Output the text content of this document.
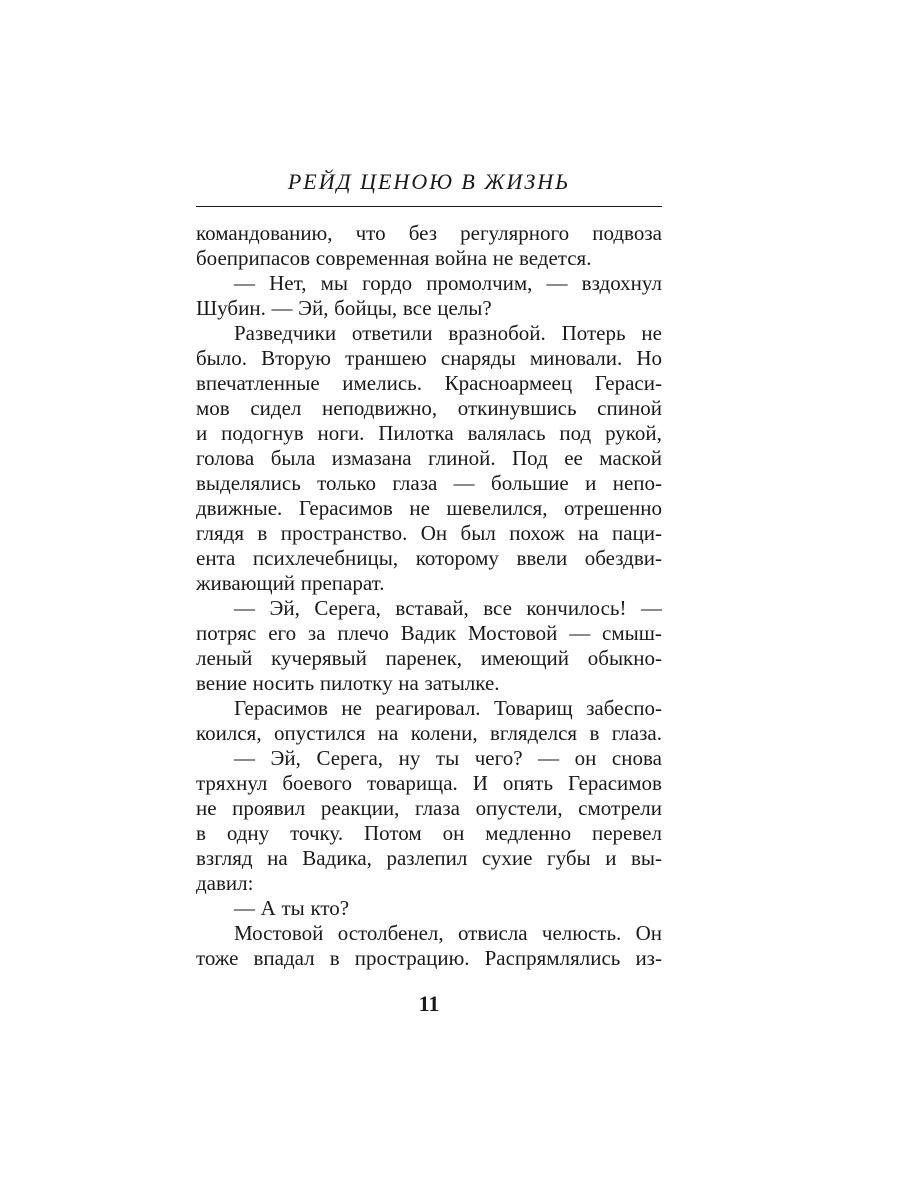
РЕЙД ЦЕНОЮ В ЖИЗНЬ
командованию, что без регулярного подвоза
боеприпасов современная война не ведется.
— Нет, мы гордо промолчим, — вздохнул
Шубин. — Эй, бойцы, все целы?
Разведчики ответили вразнобой. Потерь не
было. Вторую траншею снаряды миновали. Но
впечатленные имелись. Красноармеец Гераси-
мов сидел неподвижно, откинувшись спиной
и подогнув ноги. Пилотка валялась под рукой,
голова была измазана глиной. Под ее маской
выделялись только глаза — большие и непо-
движные. Герасимов не шевелился, отрешенно
глядя в пространство. Он был похож на паци-
ента психлечебницы, которому ввели обездви-
живающий препарат.
— Эй, Серега, вставай, все кончилось! —
потряс его за плечо Вадик Мостовой — смыш-
леный кучерявый паренек, имеющий обыкно-
вение носить пилотку на затылке.
Герасимов не реагировал. Товарищ забеспо-
коился, опустился на колени, вгляделся в глаза.
— Эй, Серега, ну ты чего? — он снова
тряхнул боевого товарища. И опять Герасимов
не проявил реакции, глаза опустели, смотрели
в одну точку. Потом он медленно перевел
взгляд на Вадика, разлепил сухие губы и вы-
давил:
— А ты кто?
Мостовой остолбенел, отвисла челюсть. Он
тоже впадал в прострацию. Распрямлялись из-
11
